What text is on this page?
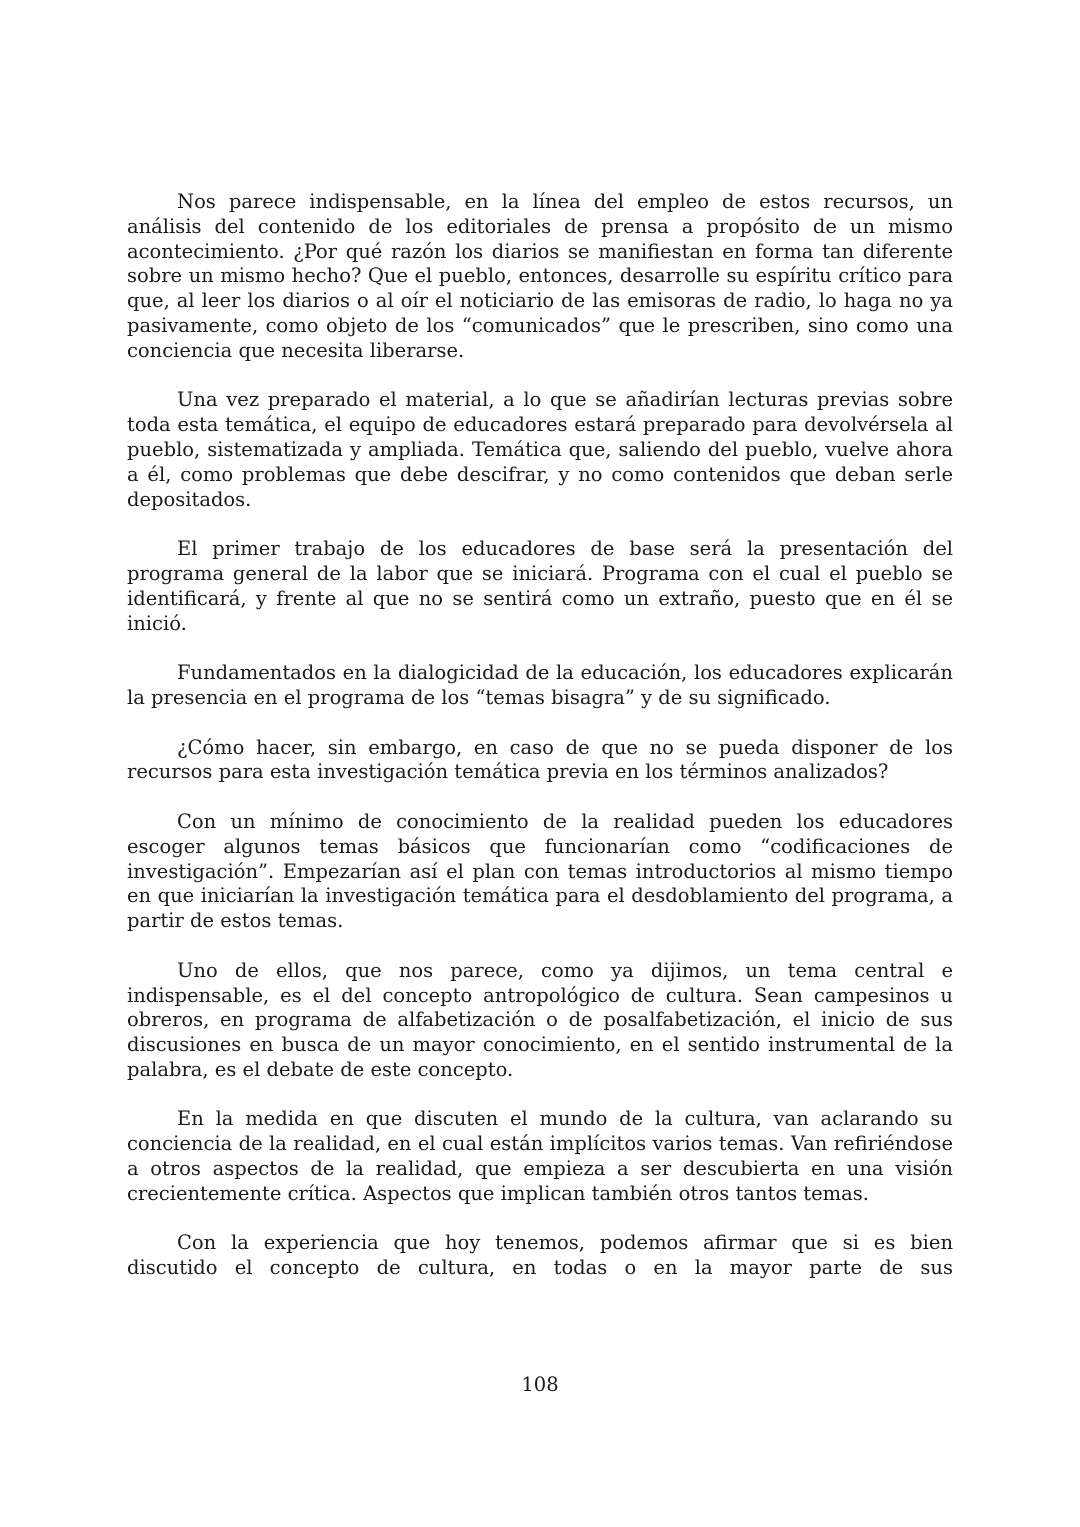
Nos parece indispensable, en la línea del empleo de estos recursos, un análisis del contenido de los editoriales de prensa a propósito de un mismo acontecimiento. ¿Por qué razón los diarios se manifiestan en forma tan diferente sobre un mismo hecho? Que el pueblo, entonces, desarrolle su espíritu crítico para que, al leer los diarios o al oír el noticiario de las emisoras de radio, lo haga no ya pasivamente, como objeto de los “comunicados” que le prescriben, sino como una conciencia que necesita liberarse.

Una vez preparado el material, a lo que se añadirían lecturas previas sobre toda esta temática, el equipo de educadores estará preparado para devolvérsela al pueblo, sistematizada y ampliada. Temática que, saliendo del pueblo, vuelve ahora a él, como problemas que debe descifrar, y no como contenidos que deban serle depositados.

El primer trabajo de los educadores de base será la presentación del programa general de la labor que se iniciará. Programa con el cual el pueblo se identificará, y frente al que no se sentirá como un extraño, puesto que en él se inició.

Fundamentados en la dialogicidad de la educación, los educadores explicarán la presencia en el programa de los “temas bisagra” y de su significado.

¿Cómo hacer, sin embargo, en caso de que no se pueda disponer de los recursos para esta investigación temática previa en los términos analizados?

Con un mínimo de conocimiento de la realidad pueden los educadores escoger algunos temas básicos que funcionarían como “codificaciones de investigación”. Empezarían así el plan con temas introductorios al mismo tiempo en que iniciarían la investigación temática para el desdoblamiento del programa, a partir de estos temas.

Uno de ellos, que nos parece, como ya dijimos, un tema central e indispensable, es el del concepto antropológico de cultura. Sean campesinos u obreros, en programa de alfabetización o de posalfabetización, el inicio de sus discusiones en busca de un mayor conocimiento, en el sentido instrumental de la palabra, es el debate de este concepto.

En la medida en que discuten el mundo de la cultura, van aclarando su conciencia de la realidad, en el cual están implícitos varios temas. Van refiriéndose a otros aspectos de la realidad, que empieza a ser descubierta en una visión crecientemente crítica. Aspectos que implican también otros tantos temas.

Con la experiencia que hoy tenemos, podemos afirmar que si es bien discutido el concepto de cultura, en todas o en la mayor parte de sus

108
